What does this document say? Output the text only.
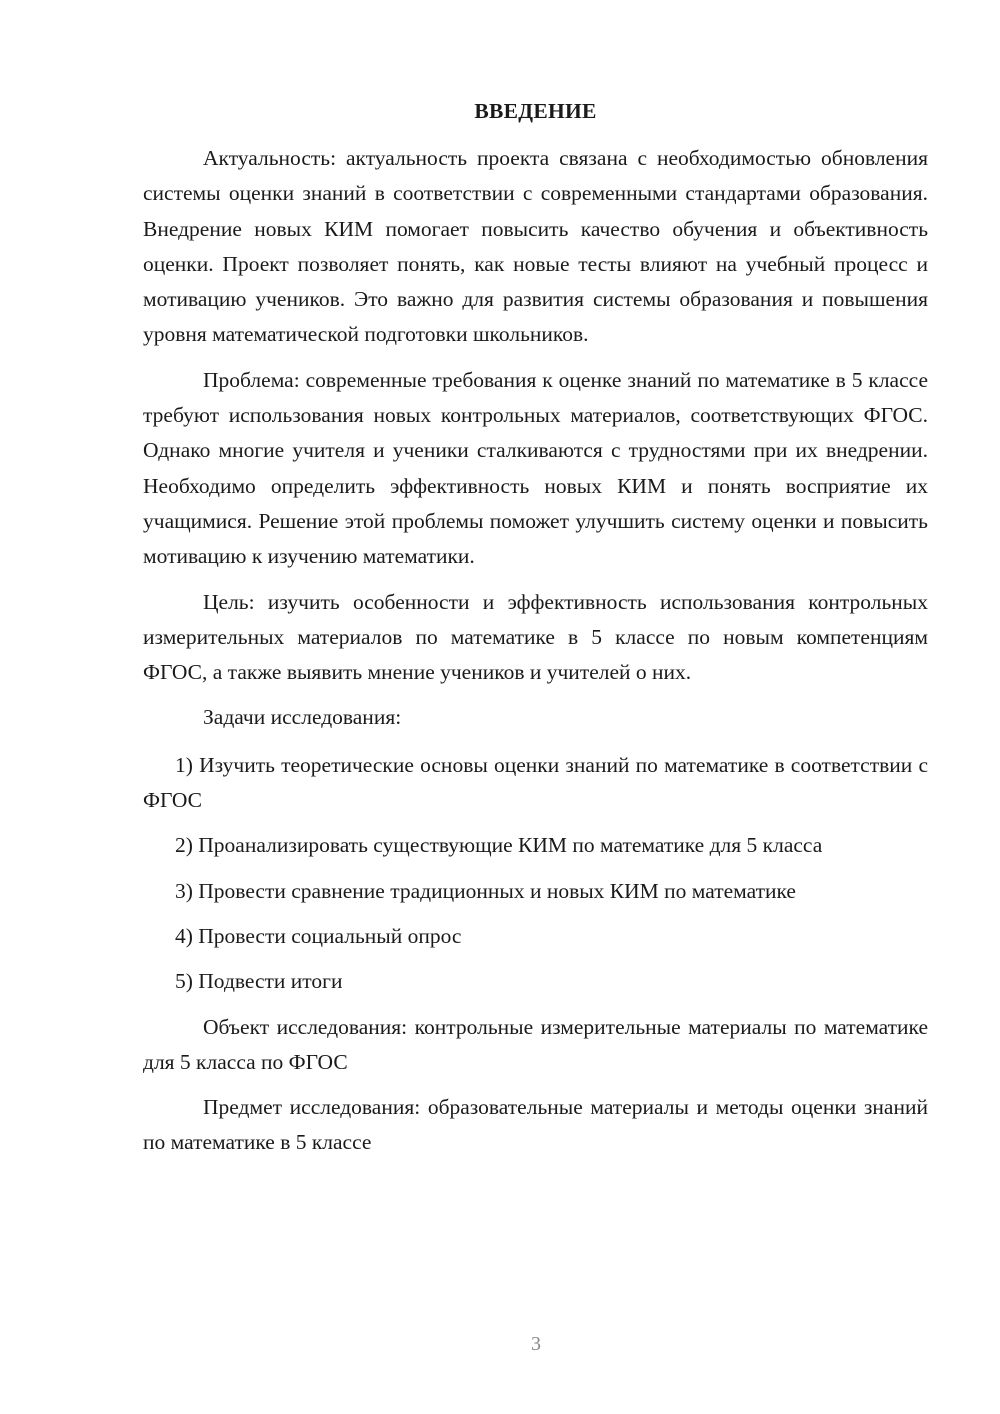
ВВЕДЕНИЕ

Актуальность: актуальность проекта связана с необходимостью обновления системы оценки знаний в соответствии с современными стандартами образования. Внедрение новых КИМ помогает повысить качество обучения и объективность оценки. Проект позволяет понять, как новые тесты влияют на учебный процесс и мотивацию учеников. Это важно для развития системы образования и повышения уровня математической подготовки школьников.

Проблема: современные требования к оценке знаний по математике в 5 классе требуют использования новых контрольных материалов, соответствующих ФГОС. Однако многие учителя и ученики сталкиваются с трудностями при их внедрении. Необходимо определить эффективность новых КИМ и понять восприятие их учащимися. Решение этой проблемы поможет улучшить систему оценки и повысить мотивацию к изучению математики.

Цель: изучить особенности и эффективность использования контрольных измерительных материалов по математике в 5 классе по новым компетенциям ФГОС, а также выявить мнение учеников и учителей о них.

Задачи исследования:

1) Изучить теоретические основы оценки знаний по математике в соответствии с ФГОС

2) Проанализировать существующие КИМ по математике для 5 класса

3) Провести сравнение традиционных и новых КИМ по математике

4) Провести социальный опрос

5) Подвести итоги

Объект исследования: контрольные измерительные материалы по математике для 5 класса по ФГОС

Предмет исследования: образовательные материалы и методы оценки знаний по математике в 5 классе

3
